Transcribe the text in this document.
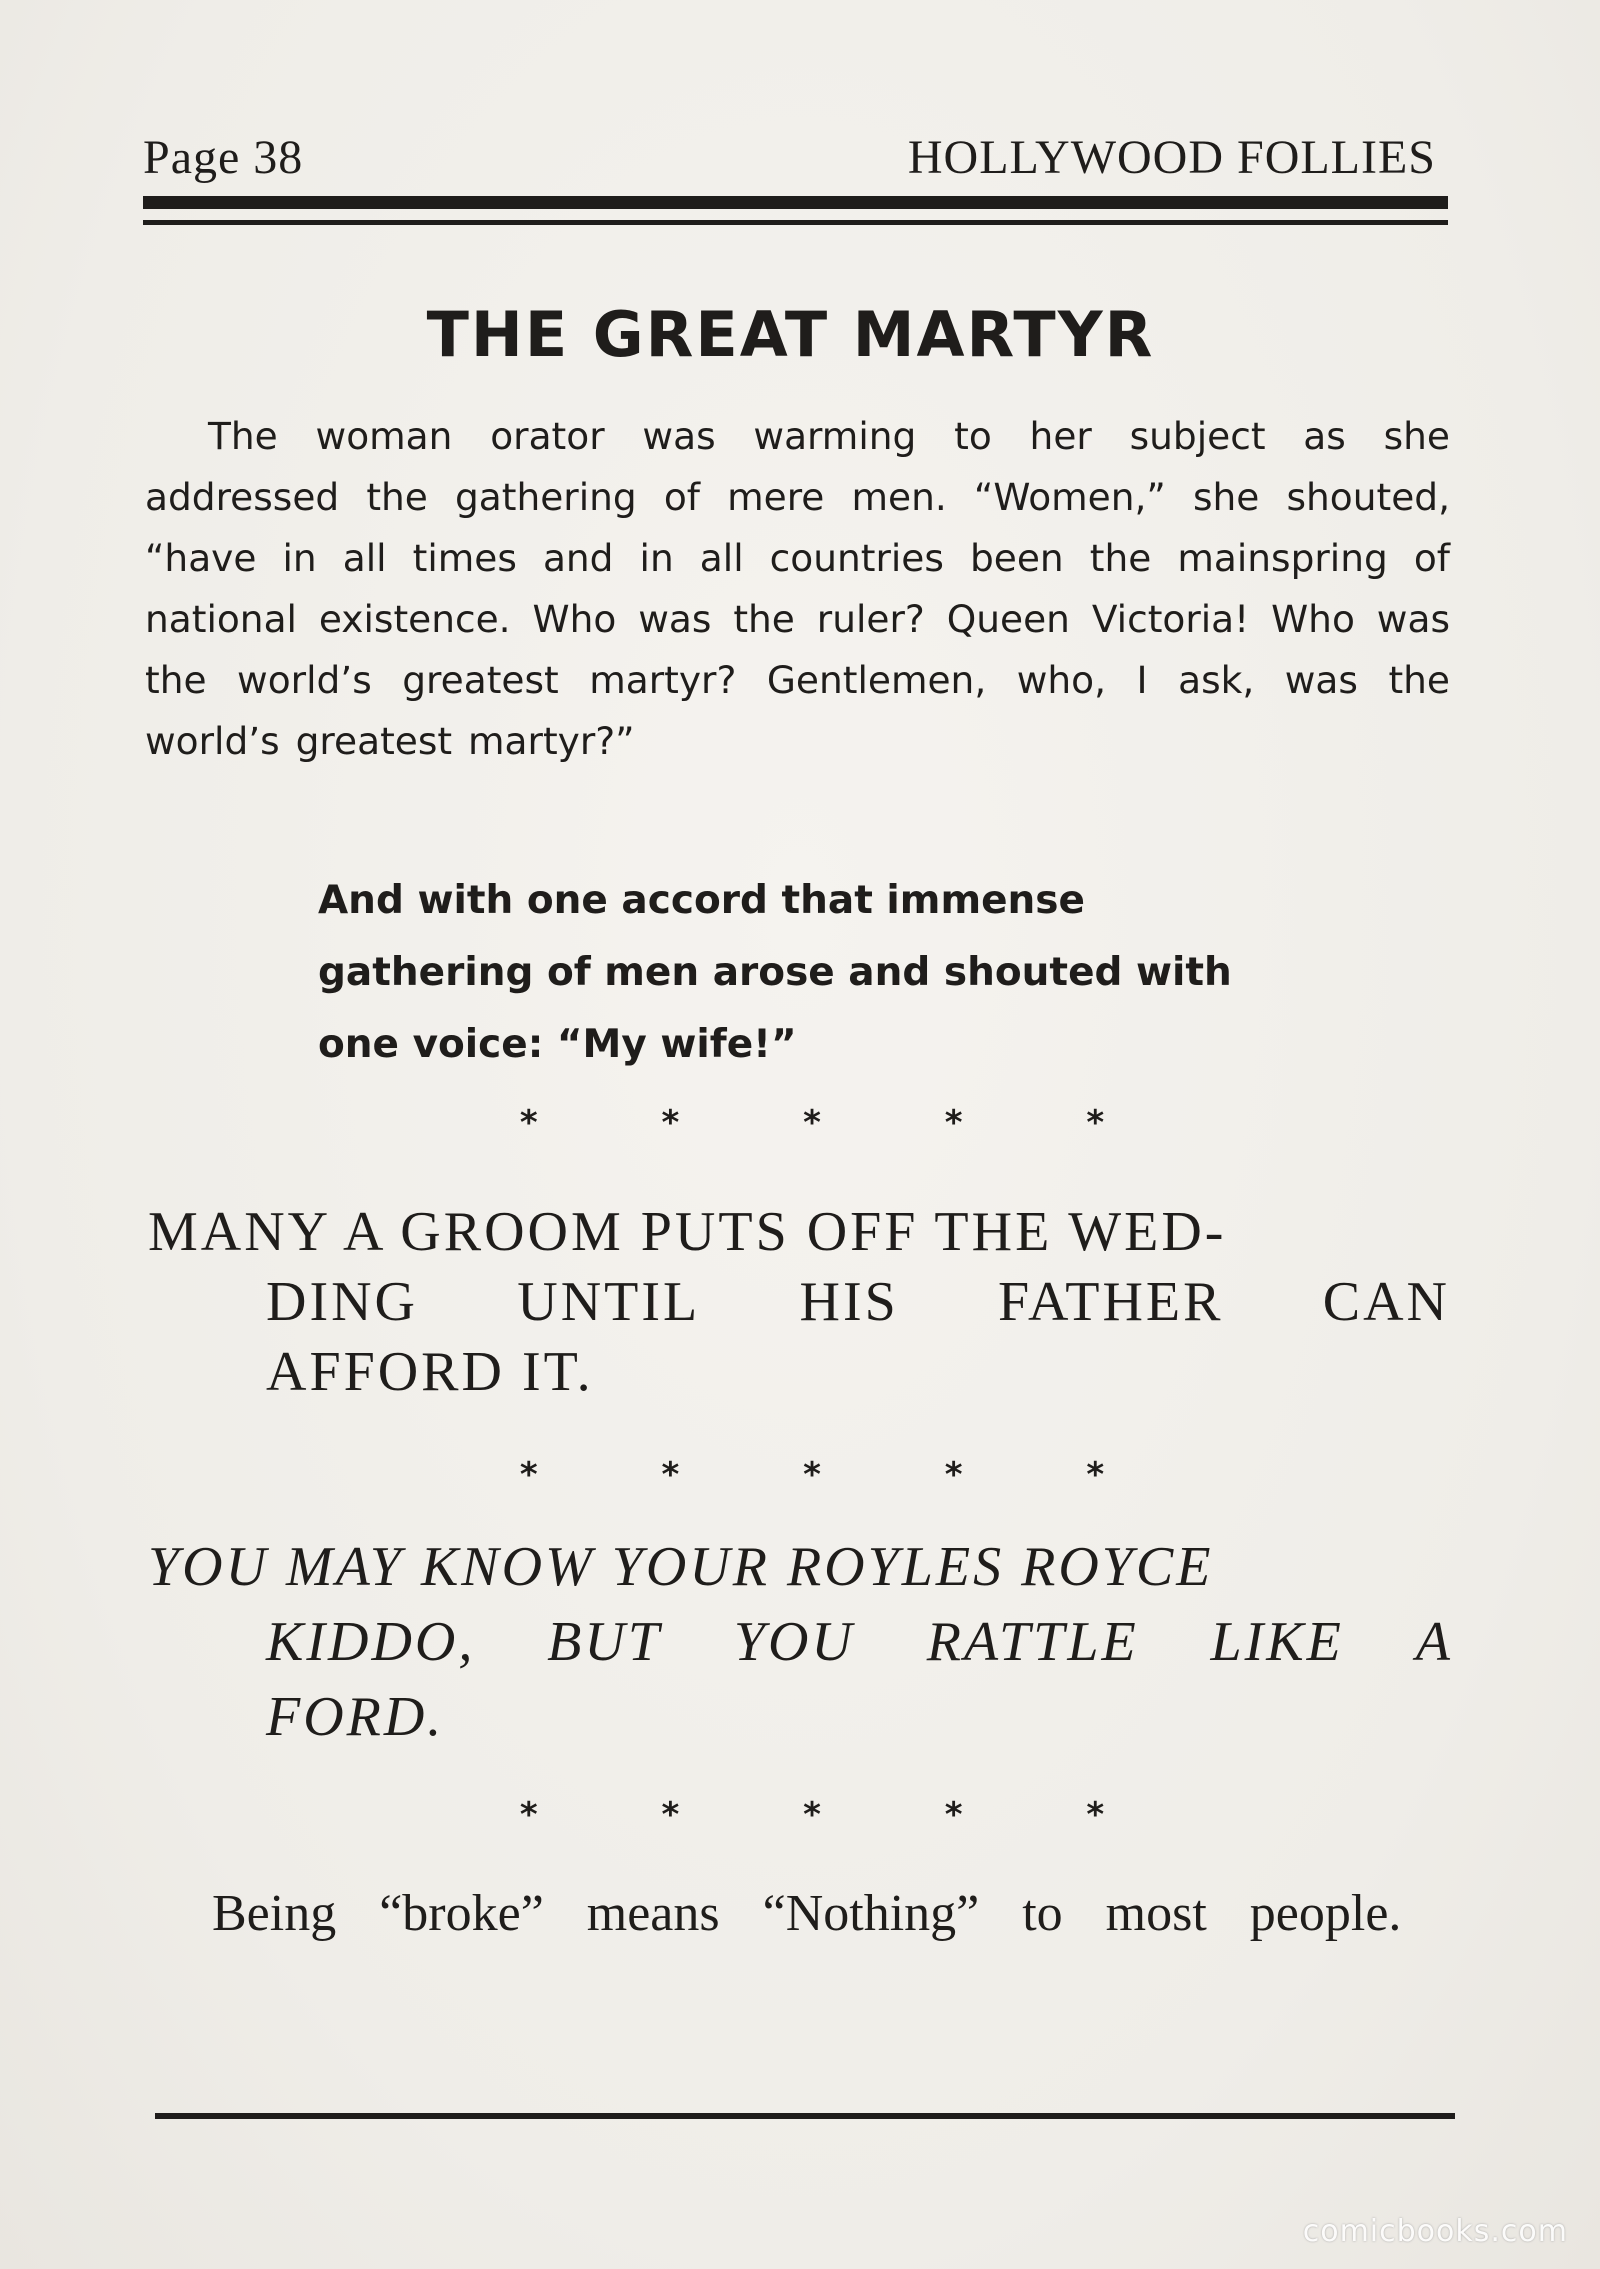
Page 38	HOLLYWOOD FOLLIES
THE GREAT MARTYR

The woman orator was warming to her subject as she addressed the gathering of mere men. “Women,” she shouted, “have in all times and in all countries been the mainspring of national existence. Who was the ruler? Queen Victoria! Who was the world’s greatest martyr? Gentlemen, who, I ask, was the world’s greatest martyr?”

And with one accord that immense
gathering of men arose and shouted with
one voice: “My wife!”
* * * * *
MANY A GROOM PUTS OFF THE WED-
DING UNTIL HIS FATHER CAN
AFFORD IT.
* * * * *
YOU MAY KNOW YOUR ROYLES ROYCE
KIDDO, BUT YOU RATTLE LIKE A
FORD.
* * * * *

Being “broke” means “Nothing” to most people.

comicbooks.com
